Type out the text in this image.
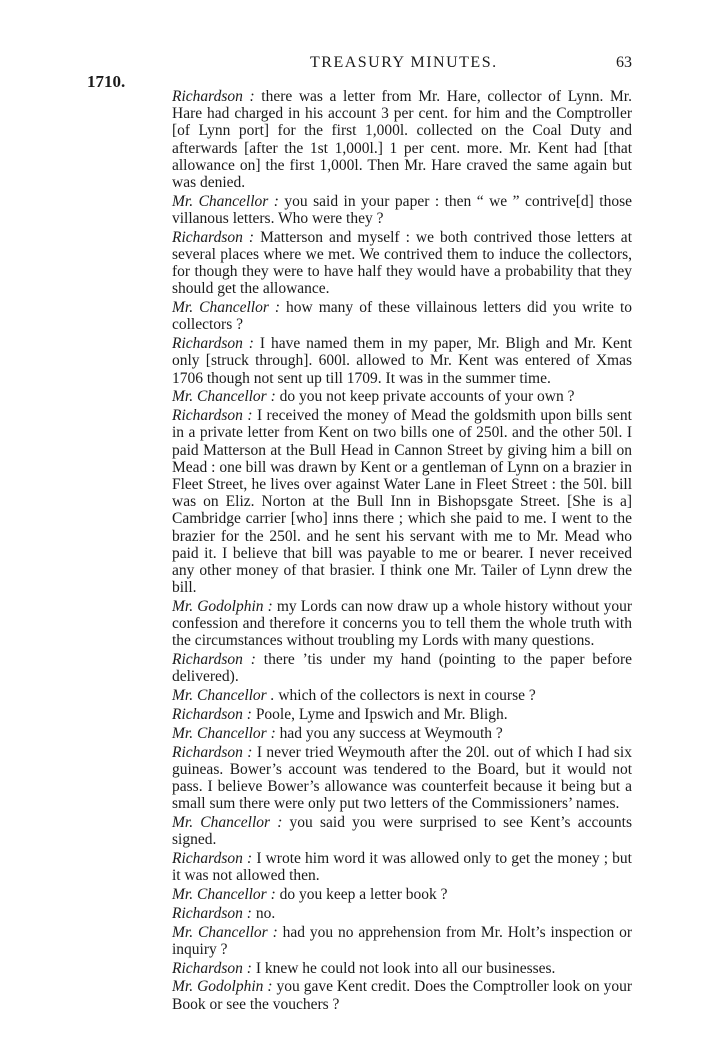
1710.
TREASURY MINUTES.	63

Richardson : there was a letter from Mr. Hare, collector of Lynn. Mr. Hare had charged in his account 3 per cent. for him and the Comptroller [of Lynn port] for the first 1,000l. collected on the Coal Duty and afterwards [after the 1st 1,000l.] 1 per cent. more. Mr. Kent had [that allowance on] the first 1,000l. Then Mr. Hare craved the same again but was denied.

Mr. Chancellor : you said in your paper : then “ we ” contrive[d] those villanous letters. Who were they ?

Richardson : Matterson and myself : we both contrived those letters at several places where we met. We contrived them to induce the collectors, for though they were to have half they would have a probability that they should get the allowance.

Mr. Chancellor : how many of these villainous letters did you write to collectors ?

Richardson : I have named them in my paper, Mr. Bligh and Mr. Kent only [struck through]. 600l. allowed to Mr. Kent was entered of Xmas 1706 though not sent up till 1709. It was in the summer time.

Mr. Chancellor : do you not keep private accounts of your own ?

Richardson : I received the money of Mead the goldsmith upon bills sent in a private letter from Kent on two bills one of 250l. and the other 50l. I paid Matterson at the Bull Head in Cannon Street by giving him a bill on Mead : one bill was drawn by Kent or a gentleman of Lynn on a brazier in Fleet Street, he lives over against Water Lane in Fleet Street : the 50l. bill was on Eliz. Norton at the Bull Inn in Bishopsgate Street. [She is a] Cambridge carrier [who] inns there ; which she paid to me. I went to the brazier for the 250l. and he sent his servant with me to Mr. Mead who paid it. I believe that bill was payable to me or bearer. I never received any other money of that brasier. I think one Mr. Tailer of Lynn drew the bill.

Mr. Godolphin : my Lords can now draw up a whole history without your confession and therefore it concerns you to tell them the whole truth with the circumstances without troubling my Lords with many questions.

Richardson : there ’tis under my hand (pointing to the paper before delivered).

Mr. Chancellor . which of the collectors is next in course ?

Richardson : Poole, Lyme and Ipswich and Mr. Bligh.

Mr. Chancellor : had you any success at Weymouth ?

Richardson : I never tried Weymouth after the 20l. out of which I had six guineas. Bower’s account was tendered to the Board, but it would not pass. I believe Bower’s allowance was counterfeit because it being but a small sum there were only put two letters of the Commissioners’ names.

Mr. Chancellor : you said you were surprised to see Kent’s accounts signed.

Richardson : I wrote him word it was allowed only to get the money ; but it was not allowed then.

Mr. Chancellor : do you keep a letter book ?

Richardson : no.

Mr. Chancellor : had you no apprehension from Mr. Holt’s inspection or inquiry ?

Richardson : I knew he could not look into all our businesses.

Mr. Godolphin : you gave Kent credit. Does the Comptroller look on your Book or see the vouchers ?
